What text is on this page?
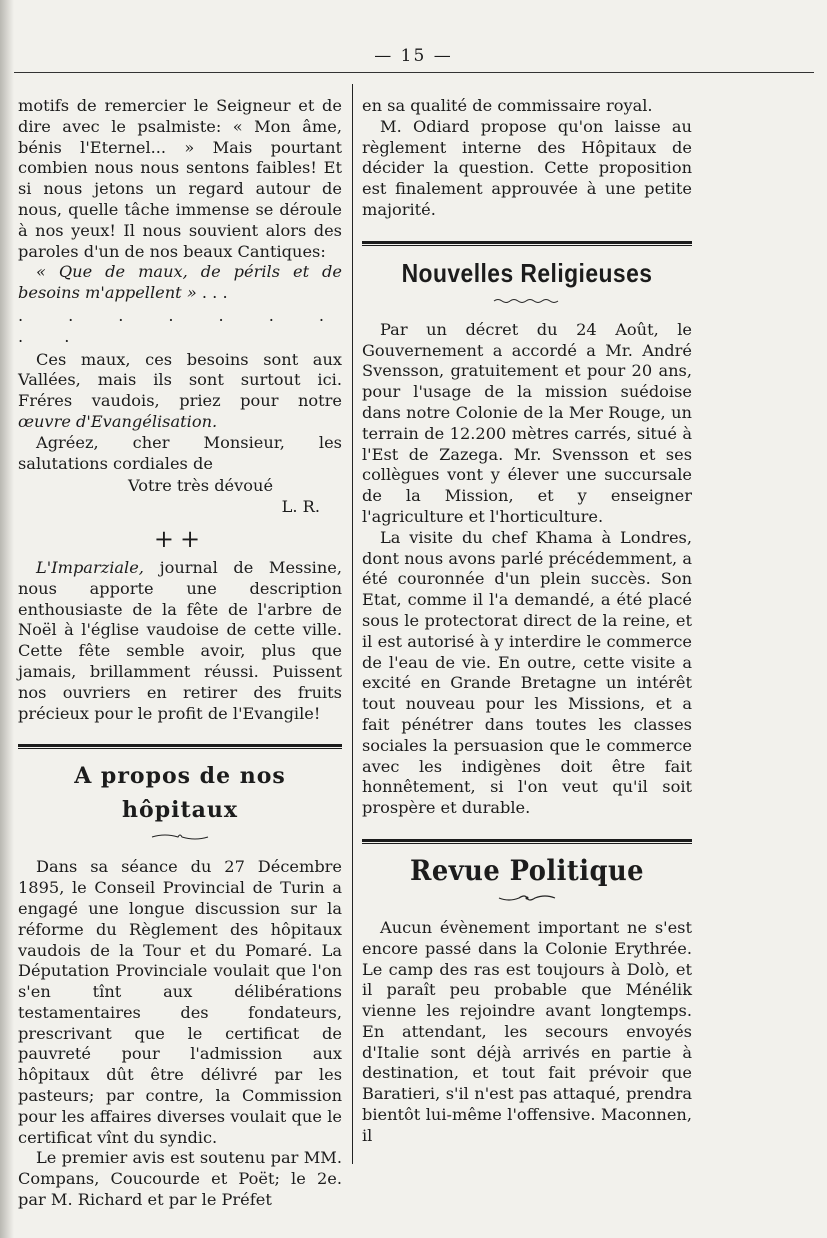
— 15 —

motifs de remercier le Seigneur et de dire avec le psalmiste: « Mon âme, bénis l'Eternel... » Mais pourtant combien nous nous sentons faibles! Et si nous jetons un regard autour de nous, quelle tâche immense se déroule à nos yeux! Il nous souvient alors des paroles d'un de nos beaux Cantiques:

« Que de maux, de périls et de besoins m'appellent » . . .

. . . . . . . . .

Ces maux, ces besoins sont aux Vallées, mais ils sont surtout ici. Fréres vaudois, priez pour notre œuvre d'Evangélisation.

Agréez, cher Monsieur, les salutations cordiales de

Votre très dévoué

L. R.

++

L'Imparziale, journal de Messine, nous apporte une description enthousiaste de la fête de l'arbre de Noël à l'église vaudoise de cette ville. Cette fête semble avoir, plus que jamais, brillamment réussi. Puissent nos ouvriers en retirer des fruits précieux pour le profit de l'Evangile!

A propos de nos hôpitaux

Dans sa séance du 27 Décembre 1895, le Conseil Provincial de Turin a engagé une longue discussion sur la réforme du Règlement des hôpitaux vaudois de la Tour et du Pomaré. La Députation Provinciale voulait que l'on s'en tînt aux délibérations testamentaires des fondateurs, prescrivant que le certificat de pauvreté pour l'admission aux hôpitaux dût être délivré par les pasteurs; par contre, la Commission pour les affaires diverses voulait que le certificat vînt du syndic.

Le premier avis est soutenu par MM. Compans, Coucourde et Poët; le 2e. par M. Richard et par le Préfet

en sa qualité de commissaire royal.

M. Odiard propose qu'on laisse au règlement interne des Hôpitaux de décider la question. Cette proposition est finalement approuvée à une petite majorité.

Nouvelles Religieuses

Par un décret du 24 Août, le Gouvernement a accordé a Mr. André Svensson, gratuitement et pour 20 ans, pour l'usage de la mission suédoise dans notre Colonie de la Mer Rouge, un terrain de 12.200 mètres carrés, situé à l'Est de Zazega. Mr. Svensson et ses collègues vont y élever une succursale de la Mission, et y enseigner l'agriculture et l'horticulture.

La visite du chef Khama à Londres, dont nous avons parlé précédemment, a été couronnée d'un plein succès. Son Etat, comme il l'a demandé, a été placé sous le protectorat direct de la reine, et il est autorisé à y interdire le commerce de l'eau de vie. En outre, cette visite a excité en Grande Bretagne un intérêt tout nouveau pour les Missions, et a fait pénétrer dans toutes les classes sociales la persuasion que le commerce avec les indigènes doit être fait honnêtement, si l'on veut qu'il soit prospère et durable.

Revue Politique

Aucun évènement important ne s'est encore passé dans la Colonie Erythrée. Le camp des ras est toujours à Dolò, et il paraît peu probable que Ménélik vienne les rejoindre avant longtemps. En attendant, les secours envoyés d'Italie sont déjà arrivés en partie à destination, et tout fait prévoir que Baratieri, s'il n'est pas attaqué, prendra bientôt lui-même l'offensive. Maconnen, il
